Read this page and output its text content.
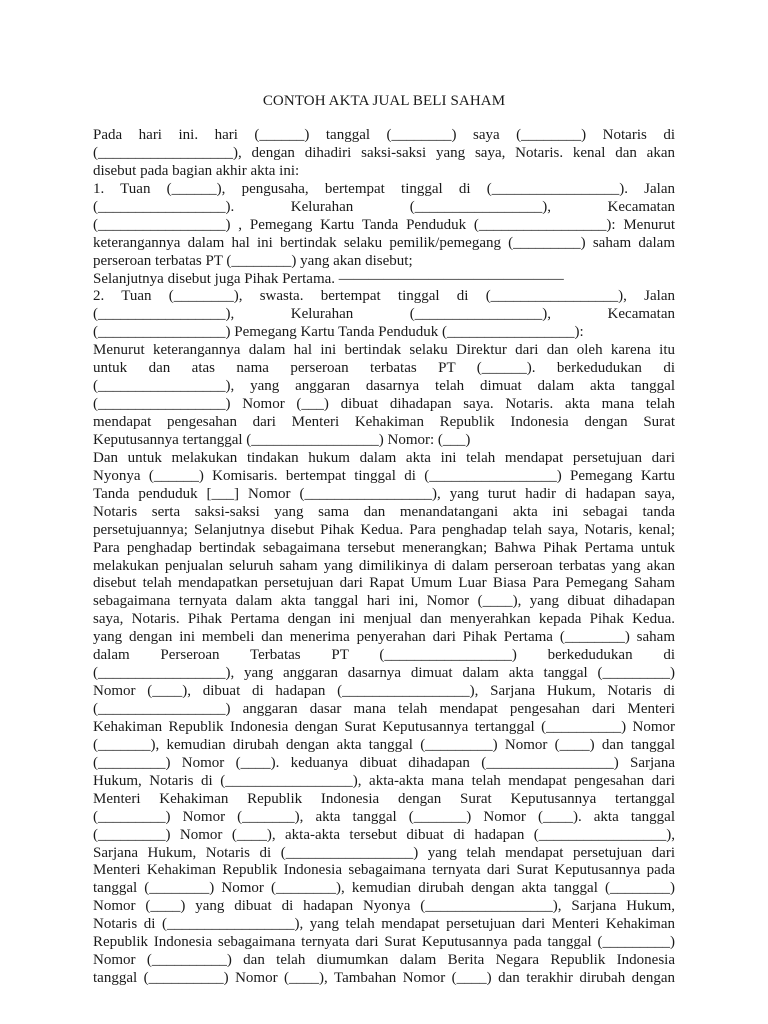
CONTOH AKTA JUAL BELI SAHAM
Pada hari ini. hari (______) tanggal (________) saya (________) Notaris di
(__________________), dengan dihadiri saksi-saksi yang saya, Notaris. kenal dan akan
disebut pada bagian akhir akta ini:
1. Tuan (______), pengusaha, bertempat tinggal di (_________________). Jalan
(_________________). Kelurahan (_________________), Kecamatan
(_________________) , Pemegang Kartu Tanda Penduduk (_________________): Menurut
keterangannya dalam hal ini bertindak selaku pemilik/pemegang (_________) saham dalam
perseroan terbatas PT (________) yang akan disebut;
Selanjutnya disebut juga Pihak Pertama. ———————————————
2. Tuan (________), swasta. bertempat tinggal di (_________________), Jalan
(_________________), Kelurahan (_________________), Kecamatan
(_________________) Pemegang Kartu Tanda Penduduk (_________________):
Menurut keterangannya dalam hal ini bertindak selaku Direktur dari dan oleh karena itu
untuk dan atas nama perseroan terbatas PT (______). berkedudukan di
(_________________), yang anggaran dasarnya telah dimuat dalam akta tanggal
(_________________) Nomor (___) dibuat dihadapan saya. Notaris. akta mana telah
mendapat pengesahan dari Menteri Kehakiman Republik Indonesia dengan Surat
Keputusannya tertanggal (_________________) Nomor: (___)
Dan untuk melakukan tindakan hukum dalam akta ini telah mendapat persetujuan dari
Nyonya (______) Komisaris. bertempat tinggal di (_________________) Pemegang Kartu
Tanda penduduk [___] Nomor (_________________), yang turut hadir di hadapan saya,
Notaris serta saksi-saksi yang sama dan menandatangani akta ini sebagai tanda
persetujuannya; Selanjutnya disebut Pihak Kedua. Para penghadap telah saya, Notaris, kenal;
Para penghadap bertindak sebagaimana tersebut menerangkan; Bahwa Pihak Pertama untuk
melakukan penjualan seluruh saham yang dimilikinya di dalam perseroan terbatas yang akan
disebut telah mendapatkan persetujuan dari Rapat Umum Luar Biasa Para Pemegang Saham
sebagaimana ternyata dalam akta tanggal hari ini, Nomor (____), yang dibuat dihadapan
saya, Notaris. Pihak Pertama dengan ini menjual dan menyerahkan kepada Pihak Kedua.
yang dengan ini membeli dan menerima penyerahan dari Pihak Pertama (________) saham
dalam Perseroan Terbatas PT (_________________) berkedudukan di
(_________________), yang anggaran dasarnya dimuat dalam akta tanggal (_________)
Nomor (____), dibuat di hadapan (_________________), Sarjana Hukum, Notaris di
(_________________) anggaran dasar mana telah mendapat pengesahan dari Menteri
Kehakiman Republik Indonesia dengan Surat Keputusannya tertanggal (__________) Nomor
(_______), kemudian dirubah dengan akta tanggal (_________) Nomor (____) dan tanggal
(_________) Nomor (____). keduanya dibuat dihadapan (_________________) Sarjana
Hukum, Notaris di (_________________), akta-akta mana telah mendapat pengesahan dari
Menteri Kehakiman Republik Indonesia dengan Surat Keputusannya tertanggal
(_________) Nomor (_______), akta tanggal (_______) Nomor (____). akta tanggal
(_________) Nomor (____), akta-akta tersebut dibuat di hadapan (_________________),
Sarjana Hukum, Notaris di (_________________) yang telah mendapat persetujuan dari
Menteri Kehakiman Republik Indonesia sebagaimana ternyata dari Surat Keputusannya pada
tanggal (________) Nomor (________), kemudian dirubah dengan akta tanggal (________)
Nomor (____) yang dibuat di hadapan Nyonya (_________________), Sarjana Hukum,
Notaris di (_________________), yang telah mendapat persetujuan dari Menteri Kehakiman
Republik Indonesia sebagaimana ternyata dari Surat Keputusannya pada tanggal (_________)
Nomor (__________) dan telah diumumkan dalam Berita Negara Republik Indonesia
tanggal (__________) Nomor (____), Tambahan Nomor (____) dan terakhir dirubah dengan
